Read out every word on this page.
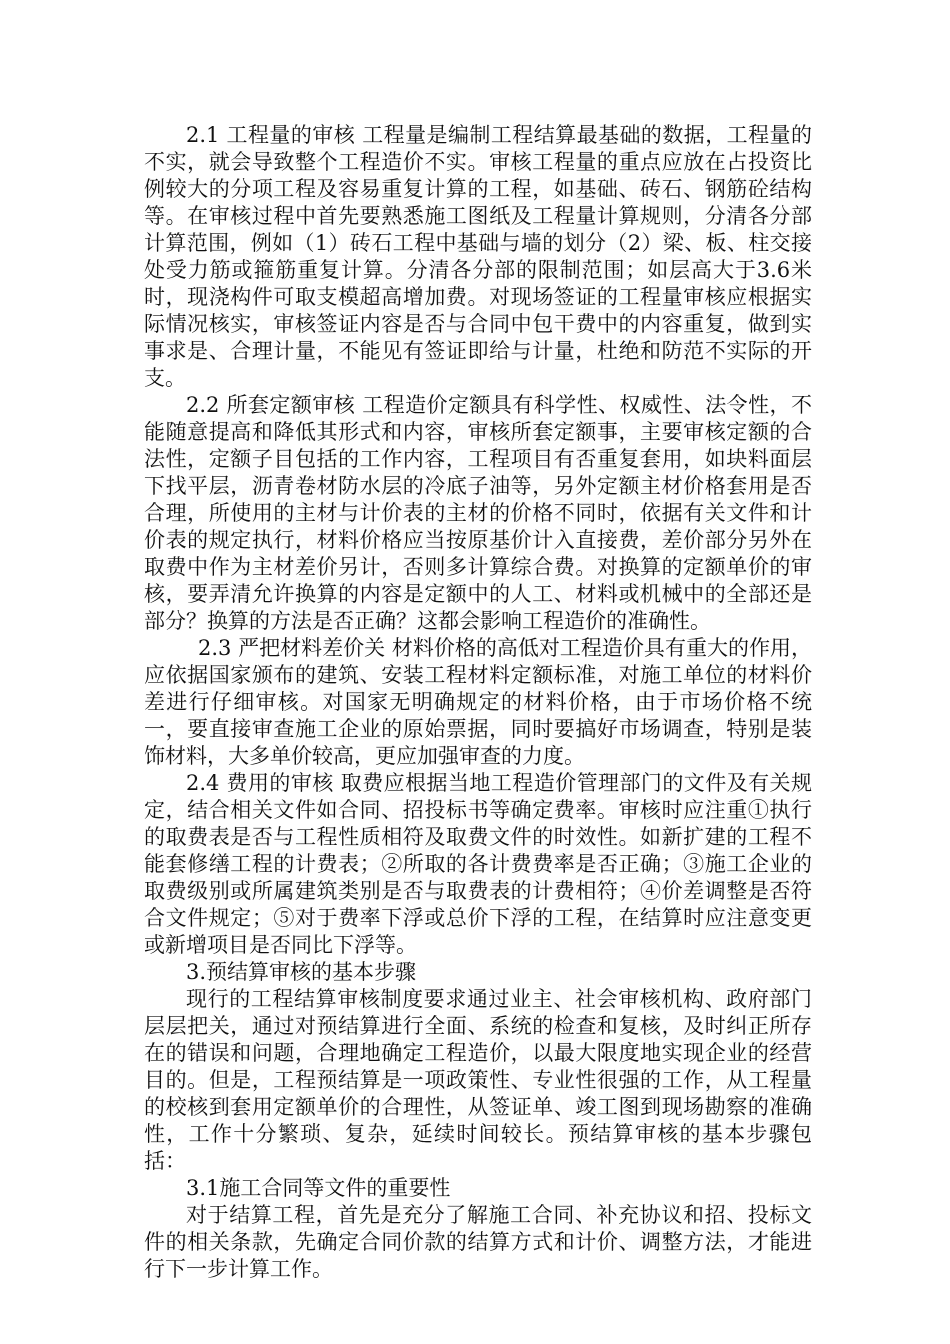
2.1 工程量的审核 工程量是编制工程结算最基础的数据，工程量的不实，就会导致整个工程造价不实。审核工程量的重点应放在占投资比例较大的分项工程及容易重复计算的工程，如基础、砖石、钢筋砼结构等。在审核过程中首先要熟悉施工图纸及工程量计算规则，分清各分部计算范围，例如（1）砖石工程中基础与墙的划分（2）梁、板、柱交接处受力筋或箍筋重复计算。分清各分部的限制范围；如层高大于3.6米时，现浇构件可取支模超高增加费。对现场签证的工程量审核应根据实际情况核实，审核签证内容是否与合同中包干费中的内容重复，做到实事求是、合理计量，不能见有签证即给与计量，杜绝和防范不实际的开支。

2.2 所套定额审核 工程造价定额具有科学性、权威性、法令性，不能随意提高和降低其形式和内容，审核所套定额事，主要审核定额的合法性，定额子目包括的工作内容，工程项目有否重复套用，如块料面层下找平层，沥青卷材防水层的冷底子油等，另外定额主材价格套用是否合理，所使用的主材与计价表的主材的价格不同时，依据有关文件和计价表的规定执行，材料价格应当按原基价计入直接费，差价部分另外在取费中作为主材差价另计，否则多计算综合费。对换算的定额单价的审核，要弄清允许换算的内容是定额中的人工、材料或机械中的全部还是部分？换算的方法是否正确？这都会影响工程造价的准确性。

2.3 严把材料差价关 材料价格的高低对工程造价具有重大的作用，应依据国家颁布的建筑、安装工程材料定额标准，对施工单位的材料价差进行仔细审核。对国家无明确规定的材料价格，由于市场价格不统一，要直接审查施工企业的原始票据，同时要搞好市场调查，特别是装饰材料，大多单价较高，更应加强审查的力度。

2.4 费用的审核 取费应根据当地工程造价管理部门的文件及有关规定，结合相关文件如合同、招投标书等确定费率。审核时应注重①执行的取费表是否与工程性质相符及取费文件的时效性。如新扩建的工程不能套修缮工程的计费表；②所取的各计费费率是否正确；③施工企业的取费级别或所属建筑类别是否与取费表的计费相符；④价差调整是否符合文件规定；⑤对于费率下浮或总价下浮的工程，在结算时应注意变更或新增项目是否同比下浮等。

3.预结算审核的基本步骤

现行的工程结算审核制度要求通过业主、社会审核机构、政府部门层层把关，通过对预结算进行全面、系统的检查和复核，及时纠正所存在的错误和问题，合理地确定工程造价，以最大限度地实现企业的经营目的。但是，工程预结算是一项政策性、专业性很强的工作，从工程量的校核到套用定额单价的合理性，从签证单、竣工图到现场勘察的准确性，工作十分繁琐、复杂，延续时间较长。预结算审核的基本步骤包括：

3.1施工合同等文件的重要性

对于结算工程，首先是充分了解施工合同、补充协议和招、投标文件的相关条款，先确定合同价款的结算方式和计价、调整方法，才能进行下一步计算工作。
